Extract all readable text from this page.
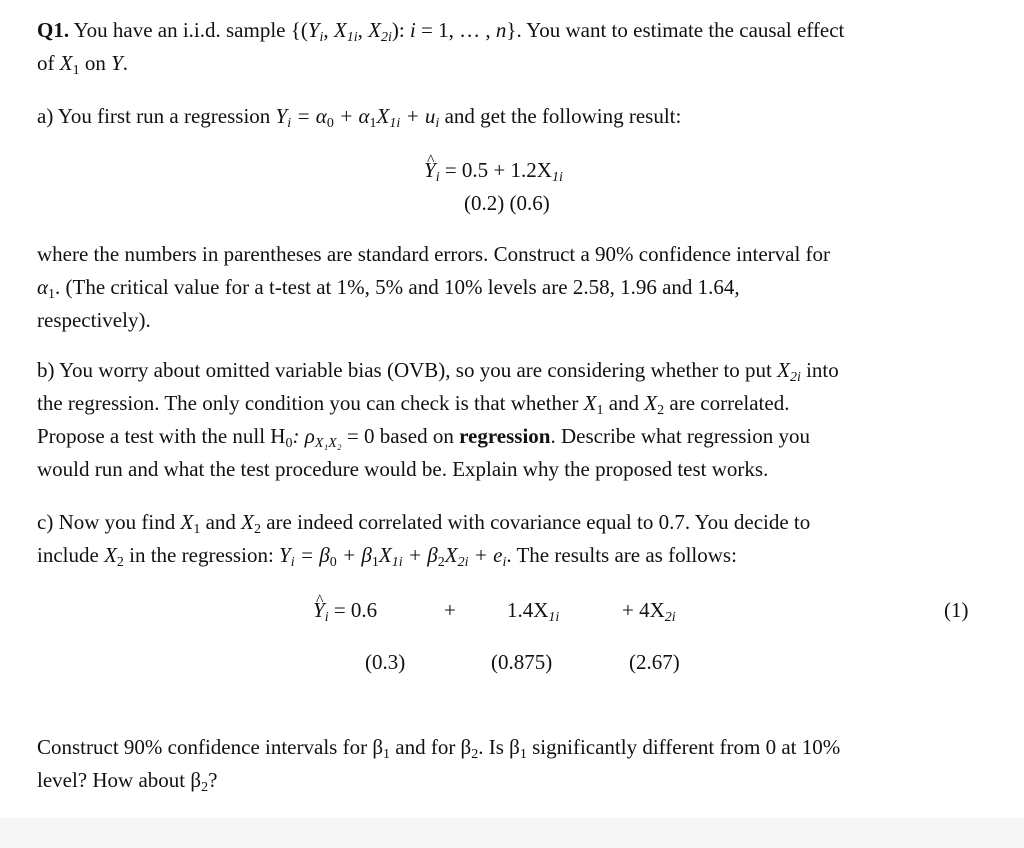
Q1. You have an i.i.d. sample {($Y_i$, $X_{1i}$, $X_{2i}$): i = 1, … , n}. You want to estimate the causal effect
of $X_1$ on Y.

a) You first run a regression $Y_i = \alpha_0 + \alpha_1X_{1i} + u_i$ and get the following result:

^ $Y_i = 0.5 + 1.2X_{1i}$
(0.2) (0.6)

where the numbers in parentheses are standard errors. Construct a 90% confidence interval for
$\alpha_1$. (The critical value for a t-test at 1%, 5% and 10% levels are 2.58, 1.96 and 1.64,
respectively).

b) You worry about omitted variable bias (OVB), so you are considering whether to put $X_{2i}$ into
the regression. The only condition you can check is that whether $X_1$ and $X_2$ are correlated.
Propose a test with the null $H_0$: $\rho_{X_1X_2} = 0$ based on regression. Describe what regression you
would run and what the test procedure would be. Explain why the proposed test works.

c) Now you find $X_1$ and $X_2$ are indeed correlated with covariance equal to 0.7. You decide to
include $X_2$ in the regression: $Y_i = \beta_0 + \beta_1X_{1i} + \beta_2X_{2i} + e_i$. The results are as follows:

^ $Y_i = 0.6$	+ $1.4X_{1i}$	+ $4X_{2i}$	(1)
(0.3)	(0.875)	(2.67)

Construct 90% confidence intervals for $\beta_1$ and for $\beta_2$. Is $\beta_1$ significantly different from 0 at 10%
level? How about $\beta_2$?
